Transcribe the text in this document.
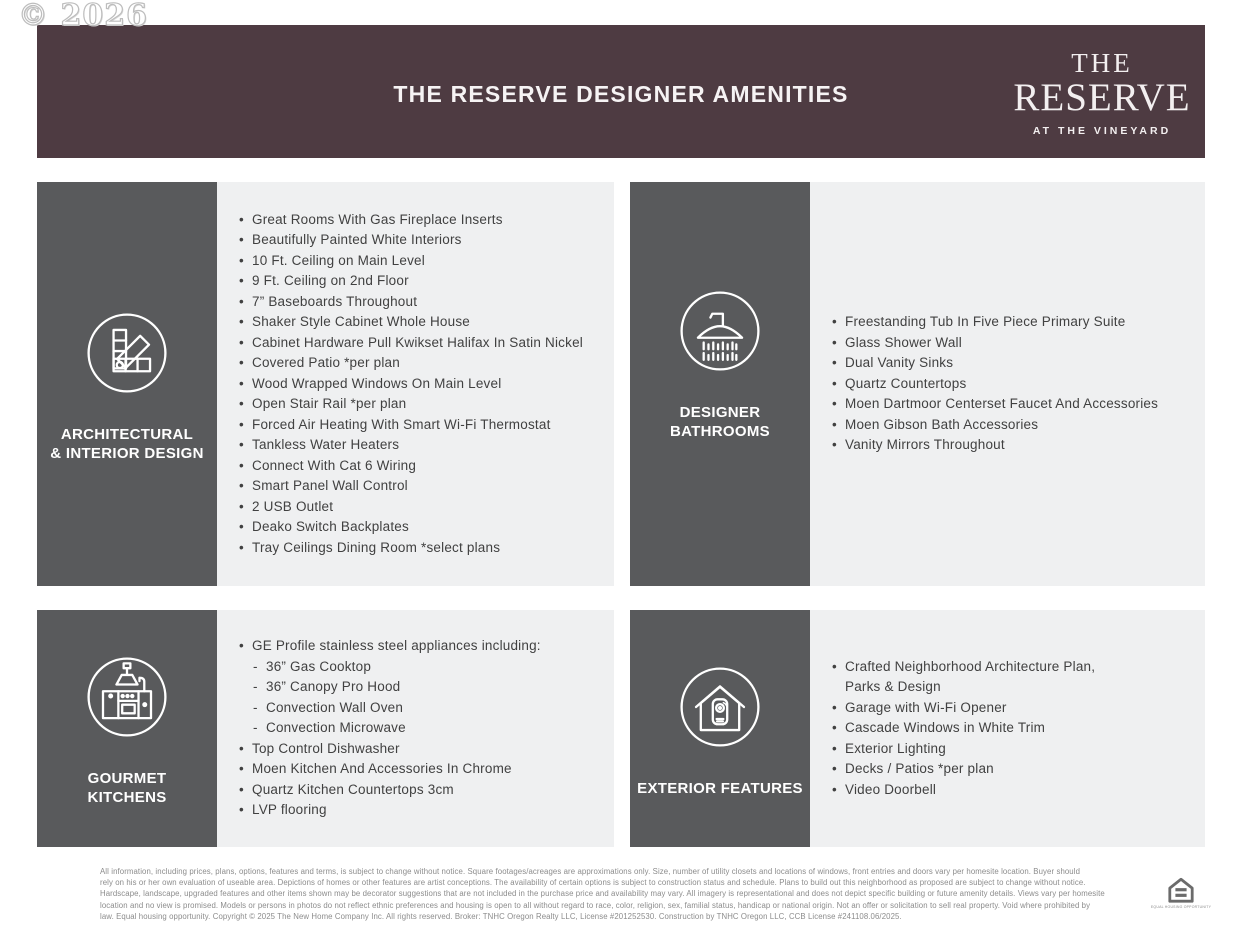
© 2026
THE RESERVE DESIGNER AMENITIES
THE
RESERVE
AT THE VINEYARD
ARCHITECTURAL
& INTERIOR DESIGN
• Great Rooms With Gas Fireplace Inserts
• Beautifully Painted White Interiors
• 10 Ft. Ceiling on Main Level
• 9 Ft. Ceiling on 2nd Floor
• 7” Baseboards Throughout
• Shaker Style Cabinet Whole House
• Cabinet Hardware Pull Kwikset Halifax In Satin Nickel
• Covered Patio *per plan
• Wood Wrapped Windows On Main Level
• Open Stair Rail *per plan
• Forced Air Heating With Smart Wi-Fi Thermostat
• Tankless Water Heaters
• Connect With Cat 6 Wiring
• Smart Panel Wall Control
• 2 USB Outlet
• Deako Switch Backplates
• Tray Ceilings Dining Room *select plans
DESIGNER
BATHROOMS
• Freestanding Tub In Five Piece Primary Suite
• Glass Shower Wall
• Dual Vanity Sinks
• Quartz Countertops
• Moen Dartmoor Centerset Faucet And Accessories
• Moen Gibson Bath Accessories
• Vanity Mirrors Throughout
GOURMET
KITCHENS
• GE Profile stainless steel appliances including:
- 36” Gas Cooktop
- 36” Canopy Pro Hood
- Convection Wall Oven
- Convection Microwave
• Top Control Dishwasher
• Moen Kitchen And Accessories In Chrome
• Quartz Kitchen Countertops 3cm
• LVP flooring
EXTERIOR FEATURES
• Crafted Neighborhood Architecture Plan,
Parks & Design
• Garage with Wi-Fi Opener
• Cascade Windows in White Trim
• Exterior Lighting
• Decks / Patios *per plan
• Video Doorbell
All information, including prices, plans, options, features and terms, is subject to change without notice. Square footages/acreages are approximations only. Size, number of utility closets and locations of windows, front entries and doors vary per homesite location. Buyer should
rely on his or her own evaluation of useable area. Depictions of homes or other features are artist conceptions. The availability of certain options is subject to construction status and schedule. Plans to build out this neighborhood as proposed are subject to change without notice.
Hardscape, landscape, upgraded features and other items shown may be decorator suggestions that are not included in the purchase price and availability may vary. All imagery is representational and does not depict specific building or future amenity details. Views vary per homesite
location and no view is promised. Models or persons in photos do not reflect ethnic preferences and housing is open to all without regard to race, color, religion, sex, familial status, handicap or national origin. Not an offer or solicitation to sell real property. Void where prohibited by
law. Equal housing opportunity. Copyright © 2025 The New Home Company Inc. All rights reserved. Broker: TNHC Oregon Realty LLC, License #201252530. Construction by TNHC Oregon LLC, CCB License #241108.06/2025.
EQUAL HOUSING OPPORTUNITY
